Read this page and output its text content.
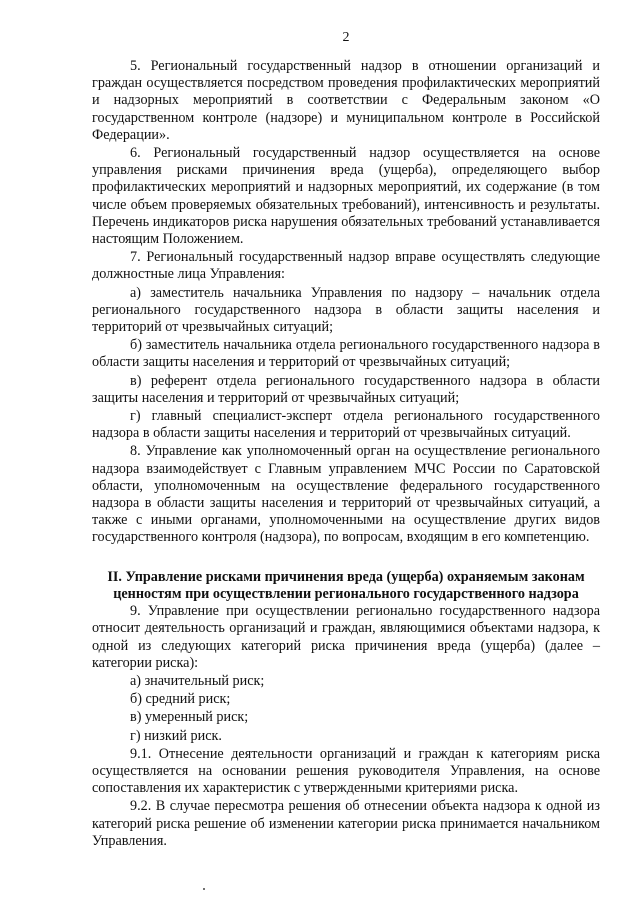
2

5. Региональный государственный надзор в отношении организаций и граждан осуществляется посредством проведения профилактических мероприятий и надзорных мероприятий в соответствии с Федеральным законом «О государственном контроле (надзоре) и муниципальном контроле в Российской Федерации».

6. Региональный государственный надзор осуществляется на основе управления рисками причинения вреда (ущерба), определяющего выбор профилактических мероприятий и надзорных мероприятий, их содержание (в том числе объем проверяемых обязательных требований), интенсивность и результаты. Перечень индикаторов риска нарушения обязательных требований устанавливается настоящим Положением.

7. Региональный государственный надзор вправе осуществлять следующие должностные лица Управления:

а) заместитель начальника Управления по надзору – начальник отдела регионального государственного надзора в области защиты населения и территорий от чрезвычайных ситуаций;

б) заместитель начальника отдела регионального государственного надзора в области защиты населения и территорий от чрезвычайных ситуаций;

в) референт отдела регионального государственного надзора в области защиты населения и территорий от чрезвычайных ситуаций;

г) главный специалист-эксперт отдела регионального государственного надзора в области защиты населения и территорий от чрезвычайных ситуаций.

8. Управление как уполномоченный орган на осуществление регионального надзора взаимодействует с Главным управлением МЧС России по Саратовской области, уполномоченным на осуществление федерального государственного надзора в области защиты населения и территорий от чрезвычайных ситуаций, а также с иными органами, уполномоченными на осуществление других видов государственного контроля (надзора), по вопросам, входящим в его компетенцию.

II. Управление рисками причинения вреда (ущерба) охраняемым законам ценностям при осуществлении регионального государственного надзора

9. Управление при осуществлении регионально государственного надзора относит деятельность организаций и граждан, являющимися объектами надзора, к одной из следующих категорий риска причинения вреда (ущерба) (далее – категории риска):

а) значительный риск;

б) средний риск;

в) умеренный риск;

г) низкий риск.

9.1. Отнесение деятельности организаций и граждан к категориям риска осуществляется на основании решения руководителя Управления, на основе сопоставления их характеристик с утвержденными критериями риска.

9.2. В случае пересмотра решения об отнесении объекта надзора к одной из категорий риска решение об изменении категории риска принимается начальником Управления.
